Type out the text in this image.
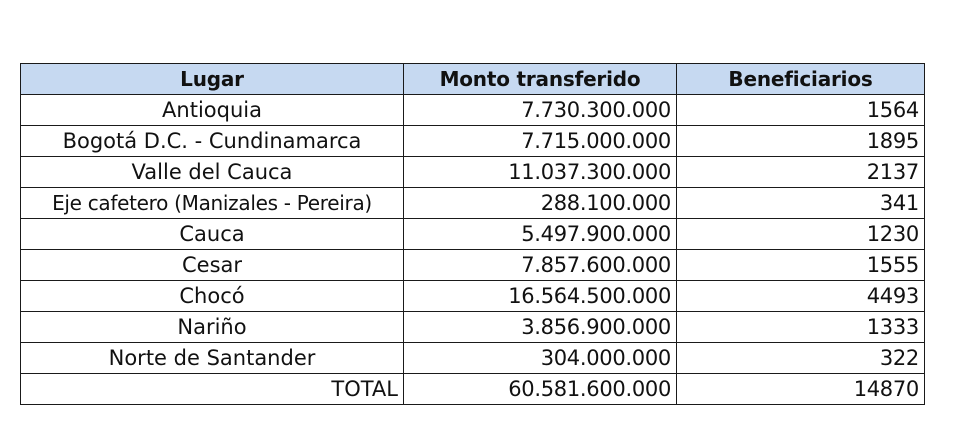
Lugar	Monto transferido	Beneficiarios
Antioquia	7.730.300.000	1564
Bogotá D.C. - Cundinamarca	7.715.000.000	1895
Valle del Cauca	11.037.300.000	2137
Eje cafetero (Manizales - Pereira)	288.100.000	341
Cauca	5.497.900.000	1230
Cesar	7.857.600.000	1555
Chocó	16.564.500.000	4493
Nariño	3.856.900.000	1333
Norte de Santander	304.000.000	322
TOTAL	60.581.600.000	14870
